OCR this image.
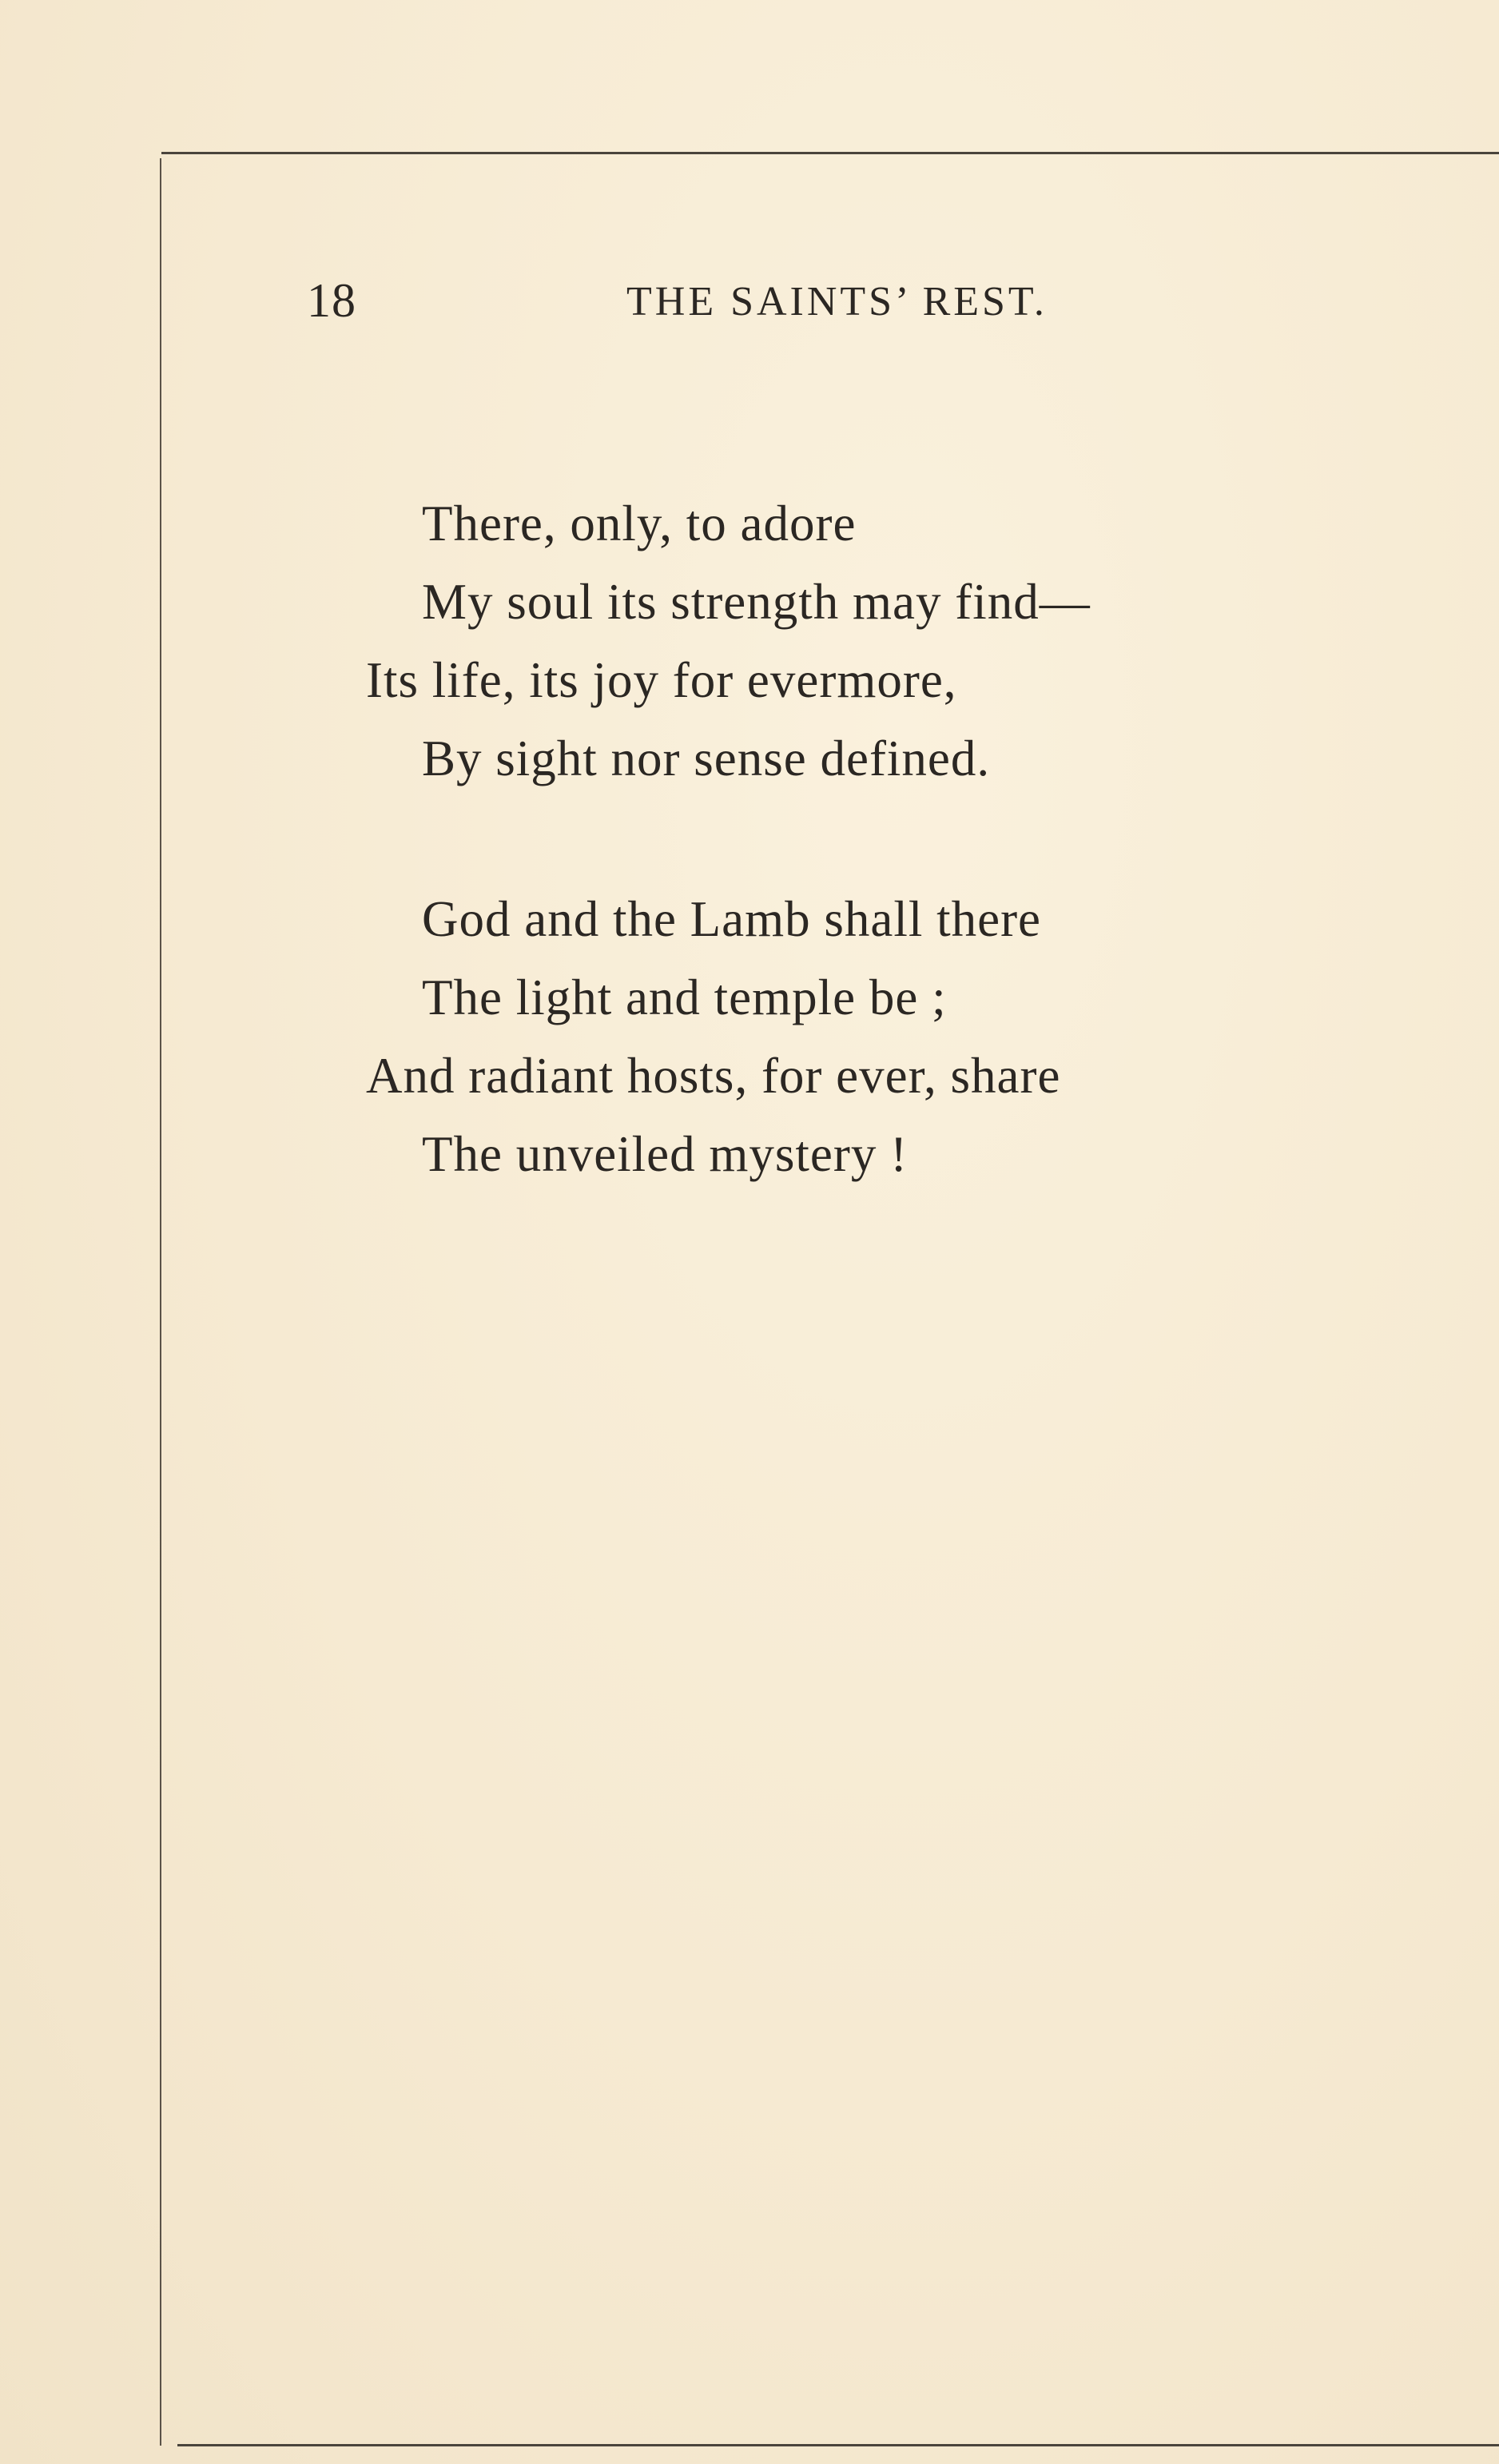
18	THE SAINTS’ REST.
There, only, to adore
My soul its strength may find—
Its life, its joy for evermore,
By sight nor sense defined.
God and the Lamb shall there
The light and temple be ;
And radiant hosts, for ever, share
The unveiled mystery !
